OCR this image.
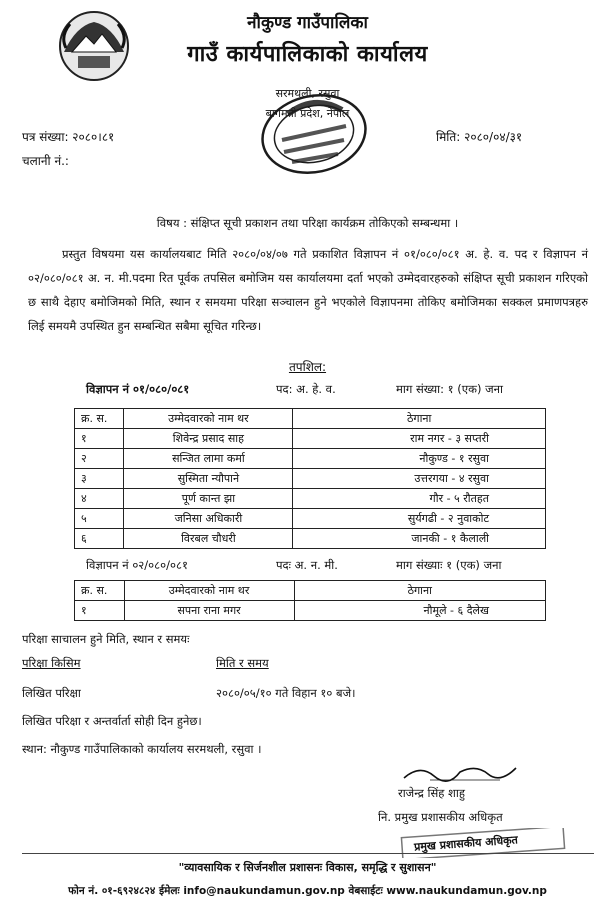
नौकुण्ड गाउँपालिका
गाउँ कार्यपालिकाको कार्यालय
सरमथली, रसुवा
बागमती प्रदेश, नेपाल
पत्र संख्या: २०८०।८१	मिति: २०८०/०४/३१
चलानी नं.:
विषय : संक्षिप्त सूची प्रकाशन तथा परिक्षा कार्यक्रम तोकिएको सम्बन्धमा ।

प्रस्तुत विषयमा यस कार्यालयबाट मिति २०८०/०४/०७ गते प्रकाशित विज्ञापन नं ०१/०८०/०८१ अ. हे. व. पद र विज्ञापन नं ०२/०८०/०८१ अ. न. मी.पदमा रित पूर्वक तपसिल बमोजिम यस कार्यालयमा दर्ता भएको उम्मेदवारहरुको संक्षिप्त सूची प्रकाशन गरिएको छ साथै देहाए बमोजिमको मिति, स्थान र समयमा परिक्षा सञ्चालन हुने भएकोले विज्ञापनमा तोकिए बमोजिमका सक्कल प्रमाणपत्रहरु लिई समयमै उपस्थित हुन सम्बन्धित सबैमा सूचित गरिन्छ।

तपशिल:
विज्ञापन नं ०१/०८०/०८१	पद: अ. हे. व.	माग संख्या: १ (एक) जना
क्र. स.	उम्मेदवारको नाम थर	ठेगाना
१	शिवेन्द्र प्रसाद साह	राम नगर - ३ सप्तरी
२	सन्जित लामा कर्मा	नौकुण्ड - १ रसुवा
३	सुस्मिता न्यौपाने	उत्तरगया - ४ रसुवा
४	पूर्ण कान्त झा	गौर - ५ रौतहत
५	जनिसा अधिकारी	सुर्यगढी - २ नुवाकोट
६	विरबल चौधरी	जानकी - १ कैलाली
विज्ञापन नं ०२/०८०/०८१	पदः अ. न. मी.	माग संख्याः १ (एक) जना
क्र. स.	उम्मेदवारको नाम थर	ठेगाना
१	सपना राना मगर	नौमूले - ६ दैलेख
परिक्षा साचालन हुने मिति, स्थान र समयः
परिक्षा किसिम	मिति र समय
लिखित परिक्षा	२०८०/०५/१० गते विहान १० बजे।
लिखित परिक्षा र अन्तर्वार्ता सोही दिन हुनेछ।
स्थान: नौकुण्ड गाउँपालिकाको कार्यालय सरमथली, रसुवा ।
राजेन्द्र सिंह शाहु
नि. प्रमुख प्रशासकीय अधिकृत
प्रमुख प्रशासकीय अधिकृत
"व्यावसायिक र सिर्जनशील प्रशासनः विकास, समृद्धि र सुशासन"
फोन नं. ०१-६९२४८२४ ईमेलः info@naukundamun.gov.np वेबसाईटः www.naukundamun.gov.np
